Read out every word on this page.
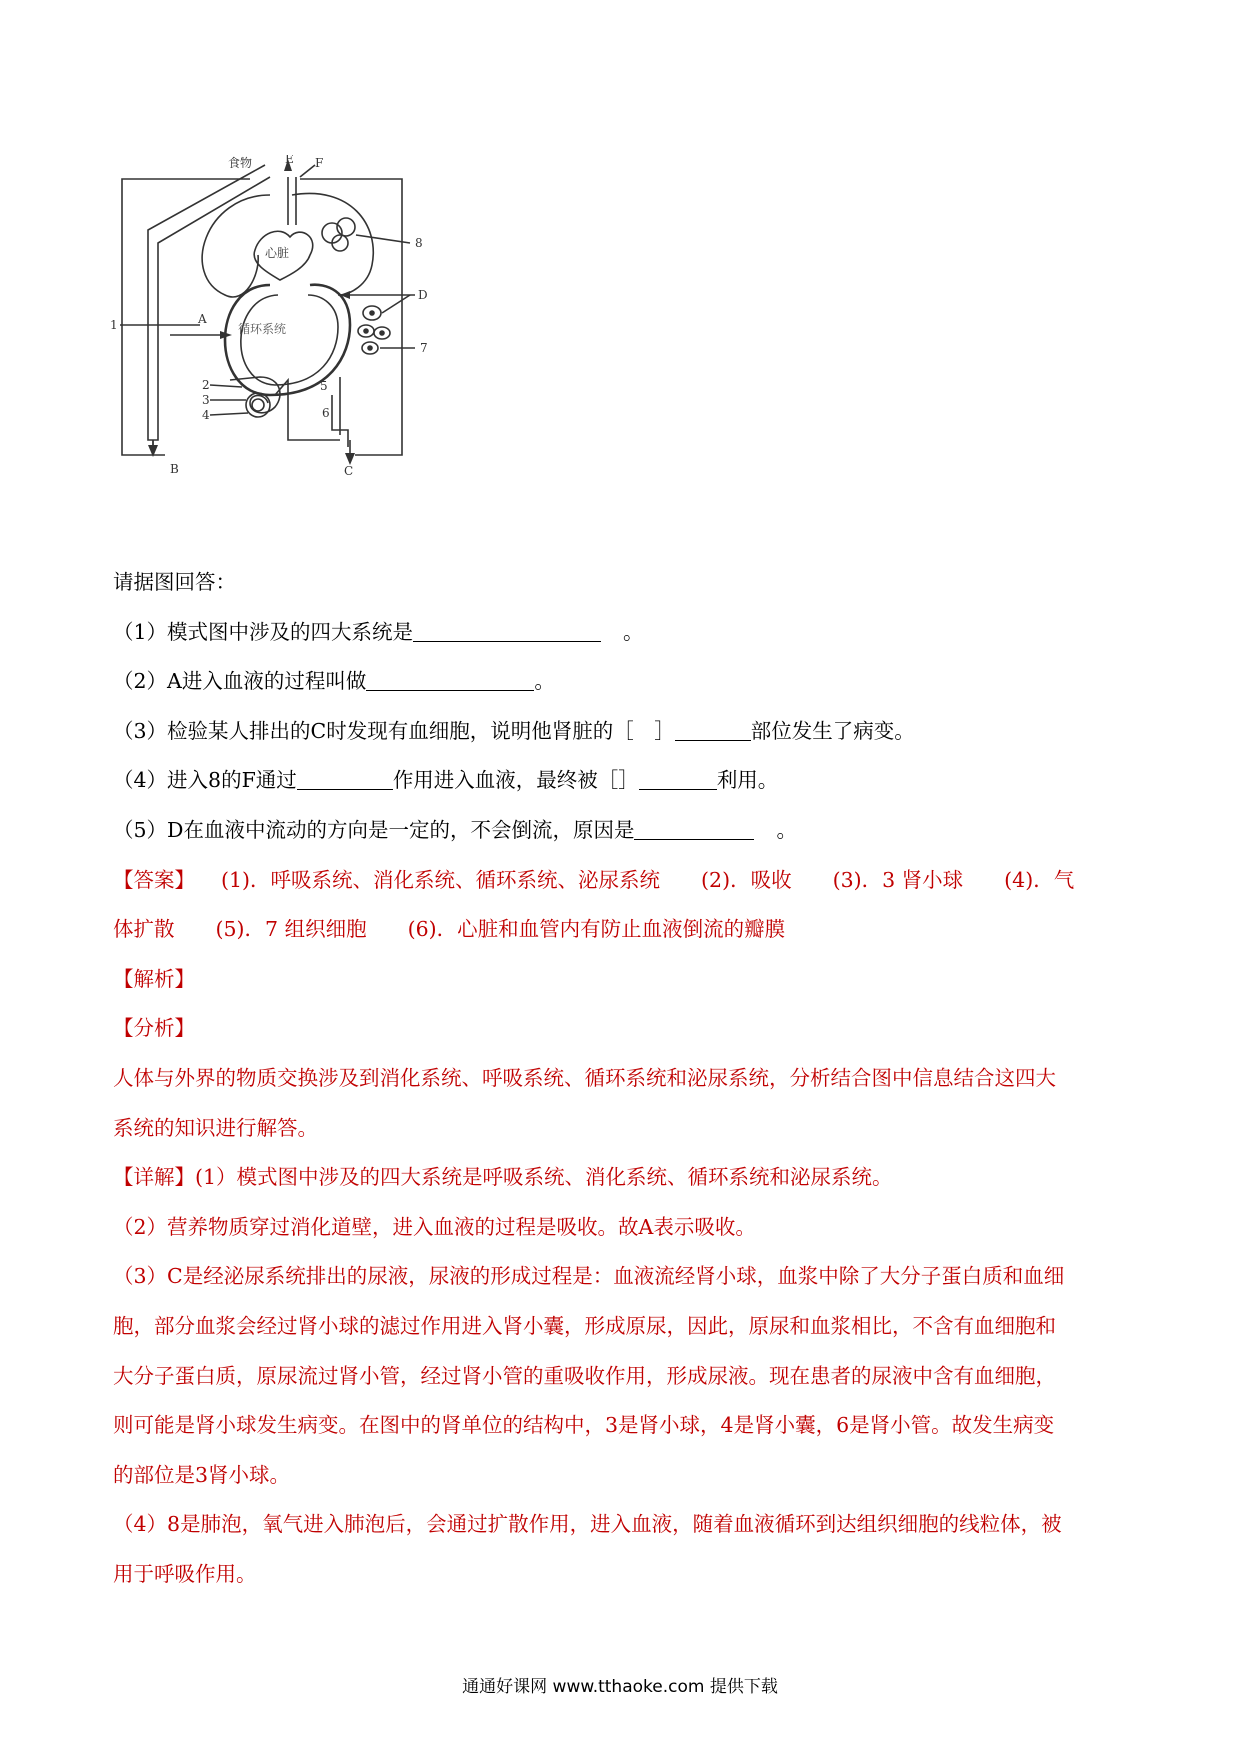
食物	E F
8
心脏
D
循环系统
1	A
7
2
3
4
5
6
B	C
请据图回答：
（1）模式图中涉及的四大系统是	。
（2）A进入血液的过程叫做	。
（3）检验某人排出的C时发现有血细胞，说明他肾脏的［　］	部位发生了病变。
（4）进入8的F通过	作用进入血液，最终被［］	利用。
（5）D在血液中流动的方向是一定的，不会倒流，原因是	。
【答案】 (1)．呼吸系统、消化系统、循环系统、泌尿系统　　(2)．吸收　　(3)．3 肾小球　　(4)．气
体扩散　　(5)．7 组织细胞　　(6)．心脏和血管内有防止血液倒流的瓣膜
【解析】
【分析】
人体与外界的物质交换涉及到消化系统、呼吸系统、循环系统和泌尿系统，分析结合图中信息结合这四大
系统的知识进行解答。
【详解】(1）模式图中涉及的四大系统是呼吸系统、消化系统、循环系统和泌尿系统。
（2）营养物质穿过消化道壁，进入血液的过程是吸收。故A表示吸收。
（3）C是经泌尿系统排出的尿液，尿液的形成过程是：血液流经肾小球，血浆中除了大分子蛋白质和血细
胞，部分血浆会经过肾小球的滤过作用进入肾小囊，形成原尿，因此，原尿和血浆相比，不含有血细胞和
大分子蛋白质，原尿流过肾小管，经过肾小管的重吸收作用，形成尿液。现在患者的尿液中含有血细胞，
则可能是肾小球发生病变。在图中的肾单位的结构中，3是肾小球，4是肾小囊，6是肾小管。故发生病变
的部位是3肾小球。
（4）8是肺泡，氧气进入肺泡后，会通过扩散作用，进入血液，随着血液循环到达组织细胞的线粒体，被
用于呼吸作用。
通通好课网 www.tthaoke.com 提供下载
